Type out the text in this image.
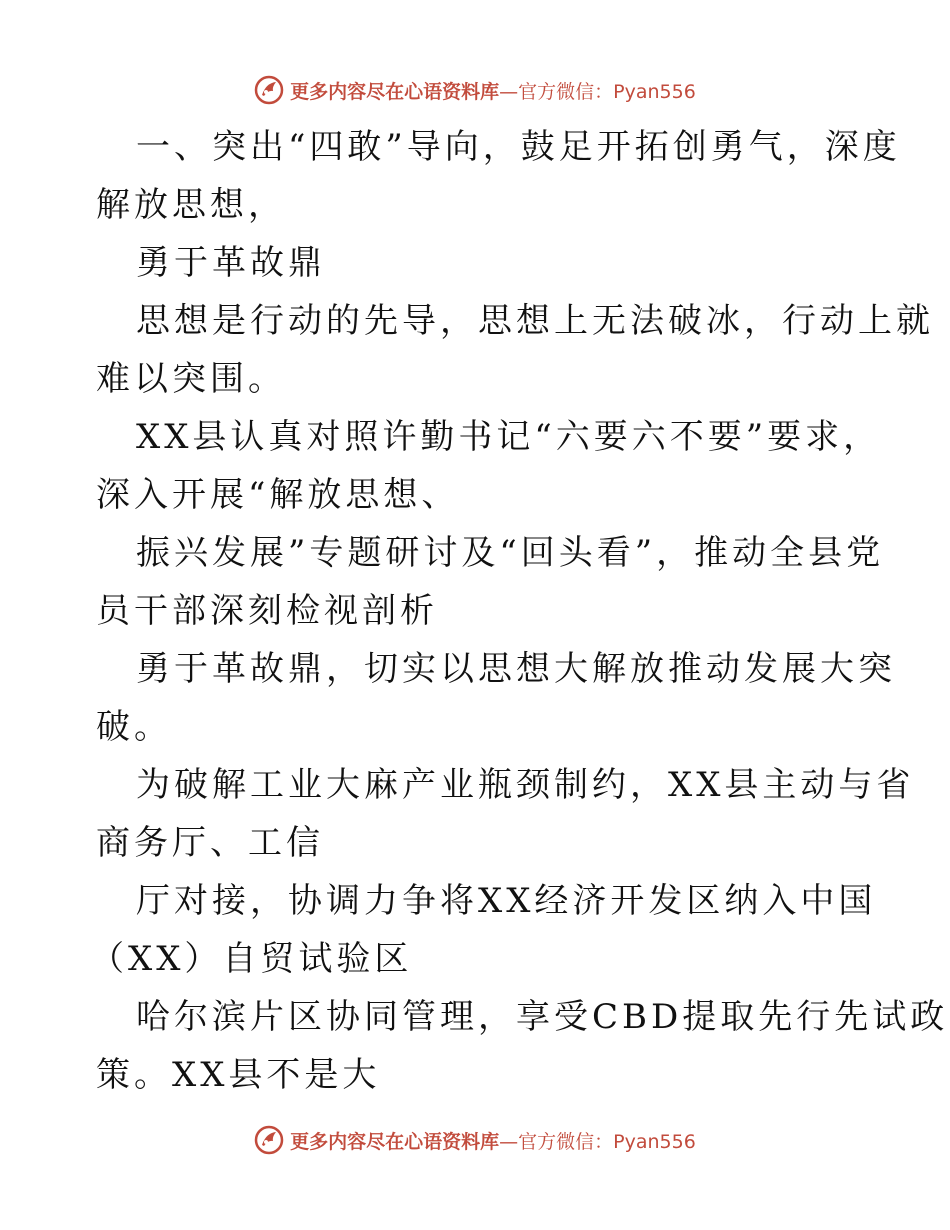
更多内容尽在心语资料库 —官方微信：Pyan556
一、突出“四敢”导向，鼓足开拓创勇气，深度
解放思想，
勇于革故鼎
思想是行动的先导，思想上无法破冰，行动上就
难以突围。
XX县认真对照许勤书记“六要六不要”要求，
深入开展“解放思想、
振兴发展”专题研讨及“回头看”，推动全县党
员干部深刻检视剖析
勇于革故鼎，切实以思想大解放推动发展大突
破。
为破解工业大麻产业瓶颈制约，XX县主动与省
商务厅、工信
厅对接，协调力争将XX经济开发区纳入中国
（XX）自贸试验区
哈尔滨片区协同管理，享受CBD提取先行先试政
策。XX县不是大
更多内容尽在心语资料库 —官方微信：Pyan556
